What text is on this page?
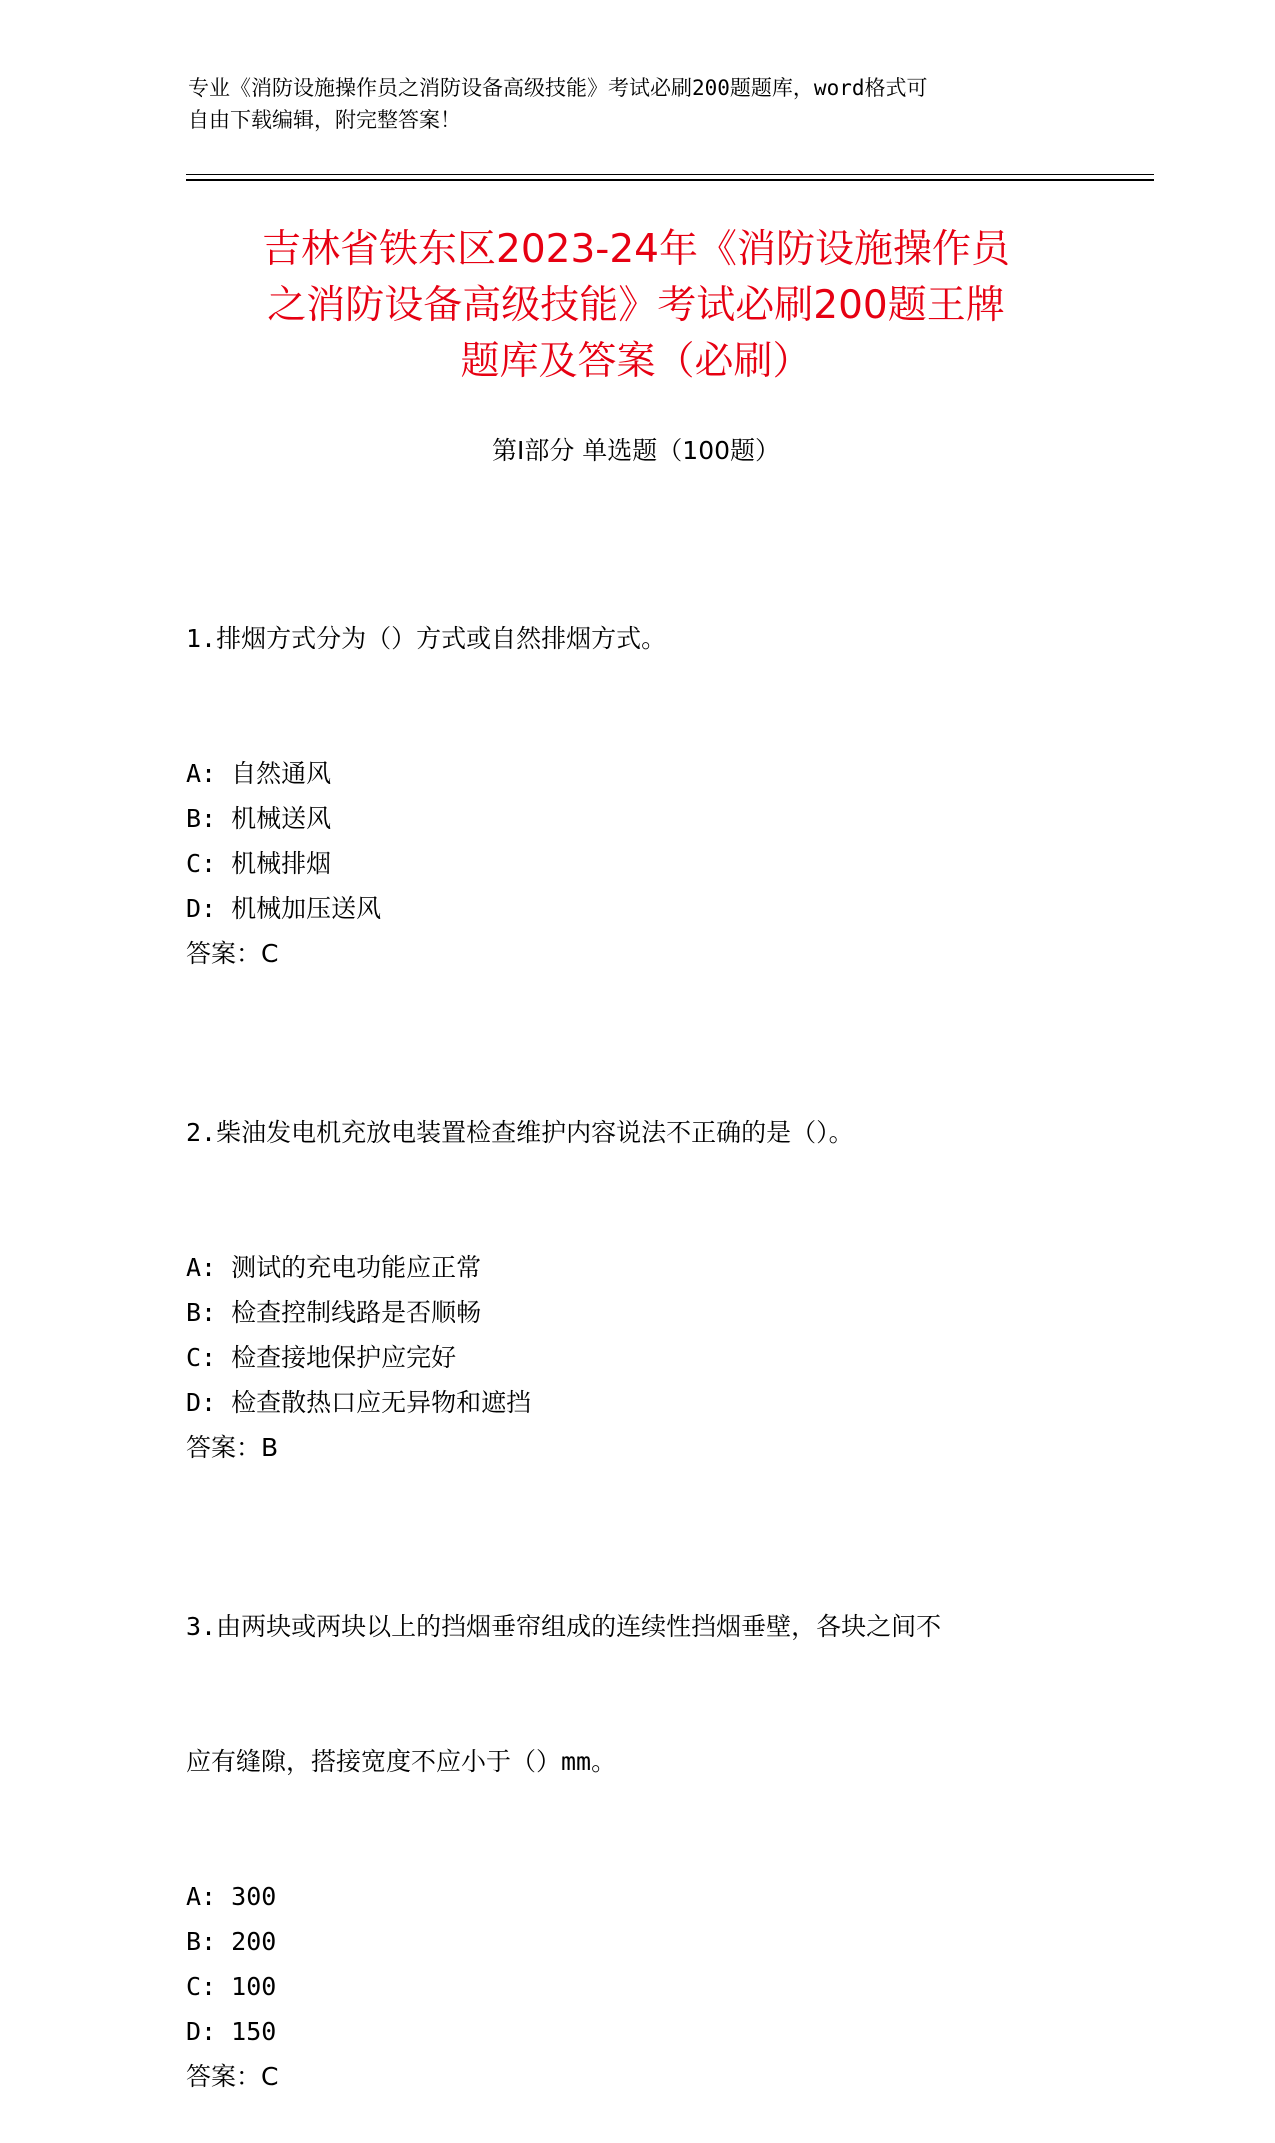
专业《消防设施操作员之消防设备高级技能》考试必刷200题题库，word格式可
自由下载编辑，附完整答案！
吉林省铁东区2023-24年《消防设施操作员
之消防设备高级技能》考试必刷200题王牌
题库及答案（必刷）
第I部分 单选题（100题）

1.排烟方式分为（）方式或自然排烟方式。

A: 自然通风

B: 机械送风

C: 机械排烟

D: 机械加压送风

答案：C

2.柴油发电机充放电装置检查维护内容说法不正确的是（）。

A: 测试的充电功能应正常

B: 检查控制线路是否顺畅

C: 检查接地保护应完好

D: 检查散热口应无异物和遮挡

答案：B

3.由两块或两块以上的挡烟垂帘组成的连续性挡烟垂壁，各块之间不

应有缝隙，搭接宽度不应小于（）mm。

A: 300

B: 200

C: 100

D: 150

答案：C
